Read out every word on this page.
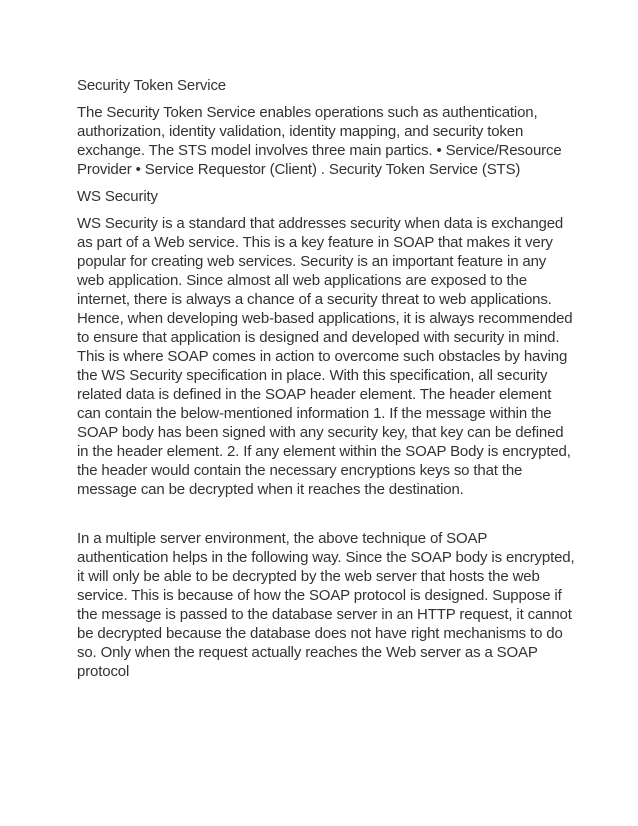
Security Token Service

The Security Token Service enables operations such as authentication, authorization, identity validation, identity mapping, and security token exchange. The STS model involves three main partics. • Service/Resource Provider • Service Requestor (Client) . Security Token Service (STS)

WS Security

WS Security is a standard that addresses security when data is exchanged as part of a Web service. This is a key feature in SOAP that makes it very popular for creating web services. Security is an important feature in any web application. Since almost all web applications are exposed to the internet, there is always a chance of a security threat to web applications. Hence, when developing web-based applications, it is always recommended to ensure that application is designed and developed with security in mind. This is where SOAP comes in action to overcome such obstacles by having the WS Security specification in place. With this specification, all security related data is defined in the SOAP header element. The header element can contain the below-mentioned information 1. If the message within the SOAP body has been signed with any security key, that key can be defined in the header element. 2. If any element within the SOAP Body is encrypted, the header would contain the necessary encryptions keys so that the message can be decrypted when it reaches the destination.

In a multiple server environment, the above technique of SOAP authentication helps in the following way. Since the SOAP body is encrypted, it will only be able to be decrypted by the web server that hosts the web service. This is because of how the SOAP protocol is designed. Suppose if the message is passed to the database server in an HTTP request, it cannot be decrypted because the database does not have right mechanisms to do so. Only when the request actually reaches the Web server as a SOAP protocol
